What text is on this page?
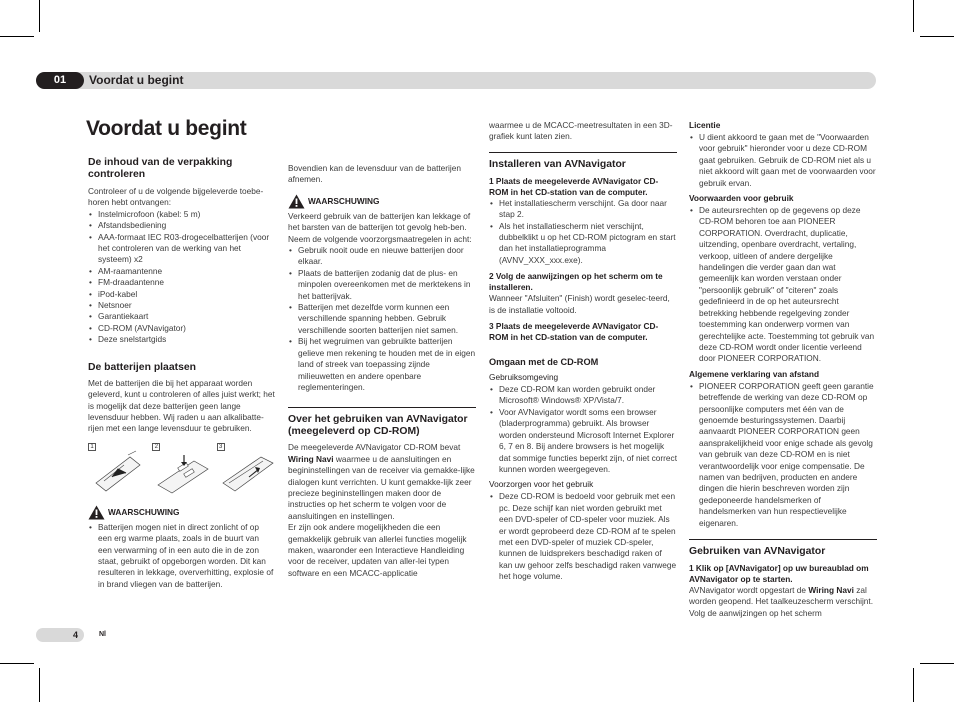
01	Voordat u begint
Voordat u begint
De inhoud van de verpakking controleren

Controleer of u de volgende bijgeleverde toebe-horen hebt ontvangen:

• Instelmicrofoon (kabel: 5 m)
• Afstandsbediening
• AAA-formaat IEC R03-drogecelbatterijen (voor het controleren van de werking van het systeem) x2
• AM-raamantenne
• FM-draadantenne
• iPod-kabel
• Netsnoer
• Garantiekaart
• CD-ROM (AVNavigator)
• Deze snelstartgids
De batterijen plaatsen

Met de batterijen die bij het apparaat worden geleverd, kunt u controleren of alles juist werkt; het is mogelijk dat deze batterijen geen lange levensduur hebben. Wij raden u aan alkalibatte-rijen met een lange levensduur te gebruiken.

1	2	3
WAARSCHUWING
• Batterijen mogen niet in direct zonlicht of op een erg warme plaats, zoals in de buurt van een verwarming of in een auto die in de zon staat, gebruikt of opgeborgen worden. Dit kan resulteren in lekkage, oververhitting, explosie of in brand vliegen van de batterijen.

Bovendien kan de levensduur van de batterijen afnemen.

WAARSCHUWING

Verkeerd gebruik van de batterijen kan lekkage of het barsten van de batterijen tot gevolg heb-ben. Neem de volgende voorzorgsmaatregelen in acht:

• Gebruik nooit oude en nieuwe batterijen door elkaar.
• Plaats de batterijen zodanig dat de plus- en minpolen overeenkomen met de merktekens in het batterijvak.
• Batterijen met dezelfde vorm kunnen een verschillende spanning hebben. Gebruik verschillende soorten batterijen niet samen.
• Bij het wegruimen van gebruikte batterijen gelieve men rekening te houden met de in eigen land of streek van toepassing zijnde milieuwetten en andere openbare reglementeringen.
Over het gebruiken van AVNavigator (meegeleverd op CD-ROM)

De meegeleverde AVNavigator CD-ROM bevat Wiring Navi waarmee u de aansluitingen en begininstellingen van de receiver via gemakke-lijke dialogen kunt verrichten. U kunt gemakke-lijk zeer precieze begininstellingen maken door de instructies op het scherm te volgen voor de aansluitingen en instellingen.

Er zijn ook andere mogelijkheden die een gemakkelijk gebruik van allerlei functies mogelijk maken, waaronder een Interactieve Handleiding voor de receiver, updaten van aller-lei typen software en een MCACC-applicatie

waarmee u de MCACC-meetresultaten in een 3D-grafiek kunt laten zien.

Installeren van AVNavigator
1 Plaats de meegeleverde AVNavigator CD-ROM in het CD-station van de computer.
• Het installatiescherm verschijnt. Ga door naar stap 2.
• Als het installatiescherm niet verschijnt, dubbelklikt u op het CD-ROM pictogram en start dan het installatieprogramma (AVNV_XXX_xxx.exe).
2 Volg de aanwijzingen op het scherm om te installeren.

Wanneer "Afsluiten" (Finish) wordt geselec-teerd, is de installatie voltooid.

3 Plaats de meegeleverde AVNavigator CD-ROM in het CD-station van de computer.
Omgaan met de CD-ROM
Gebruiksomgeving
• Deze CD-ROM kan worden gebruikt onder Microsoft® Windows® XP/Vista/7.
• Voor AVNavigator wordt soms een browser (bladerprogramma) gebruikt. Als browser worden ondersteund Microsoft Internet Explorer 6, 7 en 8. Bij andere browsers is het mogelijk dat sommige functies beperkt zijn, of niet correct kunnen worden weergegeven.
Voorzorgen voor het gebruik
• Deze CD-ROM is bedoeld voor gebruik met een pc. Deze schijf kan niet worden gebruikt met een DVD-speler of CD-speler voor muziek. Als er wordt geprobeerd deze CD-ROM af te spelen met een DVD-speler of muziek CD-speler, kunnen de luidsprekers beschadigd raken of kan uw gehoor zelfs beschadigd raken vanwege het hoge volume.
Licentie
• U dient akkoord te gaan met de "Voorwaarden voor gebruik" hieronder voor u deze CD-ROM gaat gebruiken. Gebruik de CD-ROM niet als u niet akkoord wilt gaan met de voorwaarden voor gebruik ervan.
Voorwaarden voor gebruik
• De auteursrechten op de gegevens op deze CD-ROM behoren toe aan PIONEER CORPORATION. Overdracht, duplicatie, uitzending, openbare overdracht, vertaling, verkoop, uitleen of andere dergelijke handelingen die verder gaan dan wat gemeenlijk kan worden verstaan onder "persoonlijk gebruik" of "citeren" zoals gedefinieerd in de op het auteursrecht betrekking hebbende regelgeving zonder toestemming kan onderwerp vormen van gerechtelijke acte. Toestemming tot gebruik van deze CD-ROM wordt onder licentie verleend door PIONEER CORPORATION.
Algemene verklaring van afstand
• PIONEER CORPORATION geeft geen garantie betreffende de werking van deze CD-ROM op persoonlijke computers met één van de genoemde besturingssystemen. Daarbij aanvaardt PIONEER CORPORATION geen aansprakelijkheid voor enige schade als gevolg van gebruik van deze CD-ROM en is niet verantwoordelijk voor enige compensatie. De namen van bedrijven, producten en andere dingen die hierin beschreven worden zijn gedeponeerde handelsmerken of handelsmerken van hun respectievelijke eigenaren.
Gebruiken van AVNavigator
1 Klik op [AVNavigator] op uw bureaublad om AVNavigator op te starten.

AVNavigator wordt opgestart de Wiring Navi zal worden geopend. Het taalkeuzescherm verschijnt. Volg de aanwijzingen op het scherm

4	Nl
